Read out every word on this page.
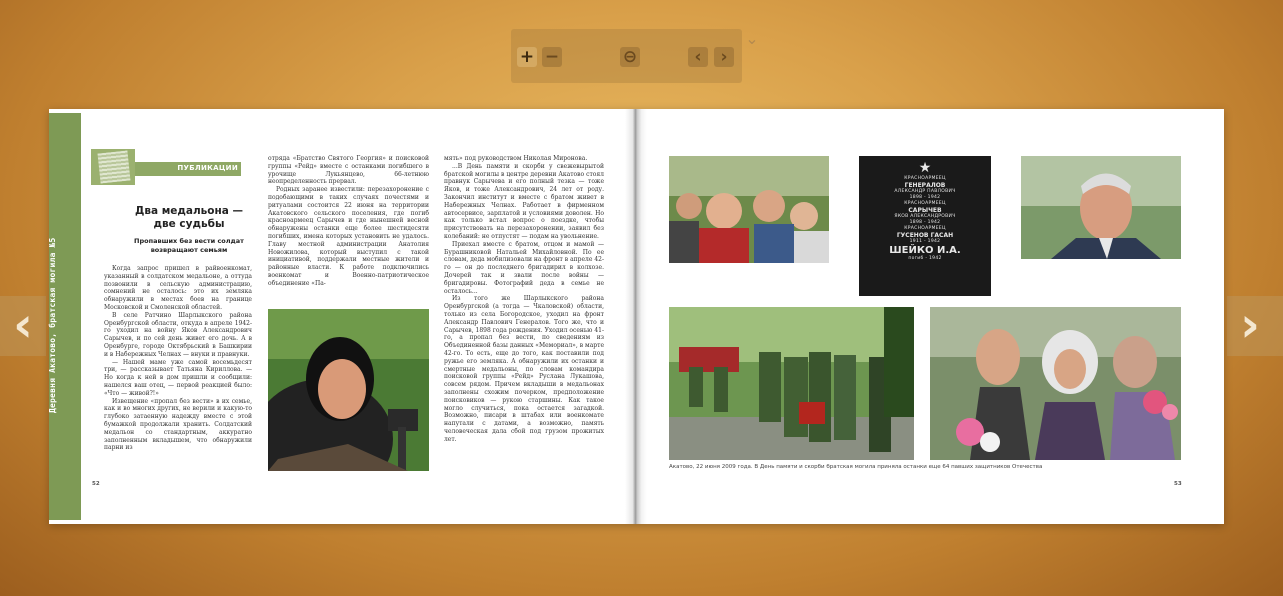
+ −	⊖	‹	›
⌄
‹	›
Деревня Акатово, братская могила №5
ПУБЛИКАЦИИ
Два медальона —
две судьбы
Пропавших без вести солдат
возвращают семьям

Когда запрос пришел в райвоенкомат, указанный в солдатском медальоне, а оттуда позвонили в сельскую администрацию, сомнений не осталось: это их земляка обнаружили в местах боев на границе Московской и Смоленской областей.

В селе Ратчино Шарлыкского района Оренбургской области, откуда в апреле 1942-го уходил на войну Яков Александрович Сарычев, и по сей день живет его дочь. А в Оренбурге, городе Октябрьский в Башкирии и в Набережных Челнах — внуки и правнуки.

— Нашей маме уже самой восемьдесят три, — рассказывает Татьяна Кириллова. — Но когда к ней в дом пришли и сообщили: нашелся ваш отец, — первой реакцией было: «Что — живой?!»

Извещение «пропал без вести» в их семье, как и во многих других, не верили и какую-то глубоко затаенную надежду вместе с этой бумажкой продолжали хранить. Солдатский медальон со стандартным, аккуратно заполненным вкладышем, что обнаружили парни из

отряда «Братство Святого Георгия» и поисковой группы «Рейд» вместе с останками погибшего в урочище Лукьянцево, 66-летнюю неопределенность прервал.

Родных заранее известили: перезахоронение с подобающими в таких случаях почестями и ритуалами состоится 22 июня на территории Акатовского сельского поселения, где погиб красноармеец Сарычев и где нынешней весной обнаружены останки еще более шестидесяти погибших, имена которых установить не удалось. Главу местной администрации Анатолия Новожилова, который выступил с такой инициативой, поддержали местные жители и районные власти. К работе подключились военкомат и Военно-патриотическое объединение «Па-

мять» под руководством Николая Миронова.

...В День памяти и скорби у свежевырытой братской могилы в центре деревни Акатово стоял правнук Сарычева и его полный тезка — тоже Яков, и тоже Александрович, 24 лет от роду. Закончил институт и вместе с братом живет в Набережных Челнах. Работает в фирменном автосервисе, зарплатой и условиями доволен. Но как только встал вопрос о поездке, чтобы присутствовать на перезахоронении, заявил без колебаний: не отпустят — подам на увольнение.

Приехал вместе с братом, отцом и мамой — Бурашниковой Натальей Михайловной. По ее словам, деда мобилизовали на фронт в апреле 42-го — он до последнего бригадирил в колхозе. Дочерей так и звали после войны — бригадировы. Фотографий деда в семье не осталось...

Из того же Шарлыкского района Оренбургской (а тогда — Чкаловской) области, только из села Богородское, уходил на фронт Александр Павлович Генералов. Того же, что и Сарычев, 1898 года рождения. Уходил осенью 41-го, а пропал без вести, по сведениям из Объединенной базы данных «Мемориал», в марте 42-го. То есть, еще до того, как поставили под ружье его земляка. А обнаружили их останки и смертные медальоны, по словам командира поисковой группы «Рейд» Руслана Лукашова, совсем рядом. Причем вкладыши в медальонах заполнены схожим почерком, предположение поисковиков — рукою старшины. Как такое могло случиться, пока остается загадкой. Возможно, писари в штабах или военкомате напутали с датами, а возможно, память человеческая дала сбой под грузом прожитых лет.

52
★
КРАСНОАРМЕЕЦ
ГЕНЕРАЛОВ
АЛЕКСАНДР ПАВЛОВИЧ
1898 - 1942
КРАСНОАРМЕЕЦ
САРЫЧЕВ
ЯКОВ АЛЕКСАНДРОВИЧ
1898 - 1942
КРАСНОАРМЕЕЦ
ГУСЕНОВ ГАСАН
1911 - 1942
ШЕЙКО И.А.
погиб - 1942
Акатово, 22 июня 2009 года. В День памяти и скорби братская могила приняла останки еще 64 павших защитников Отечества
53
